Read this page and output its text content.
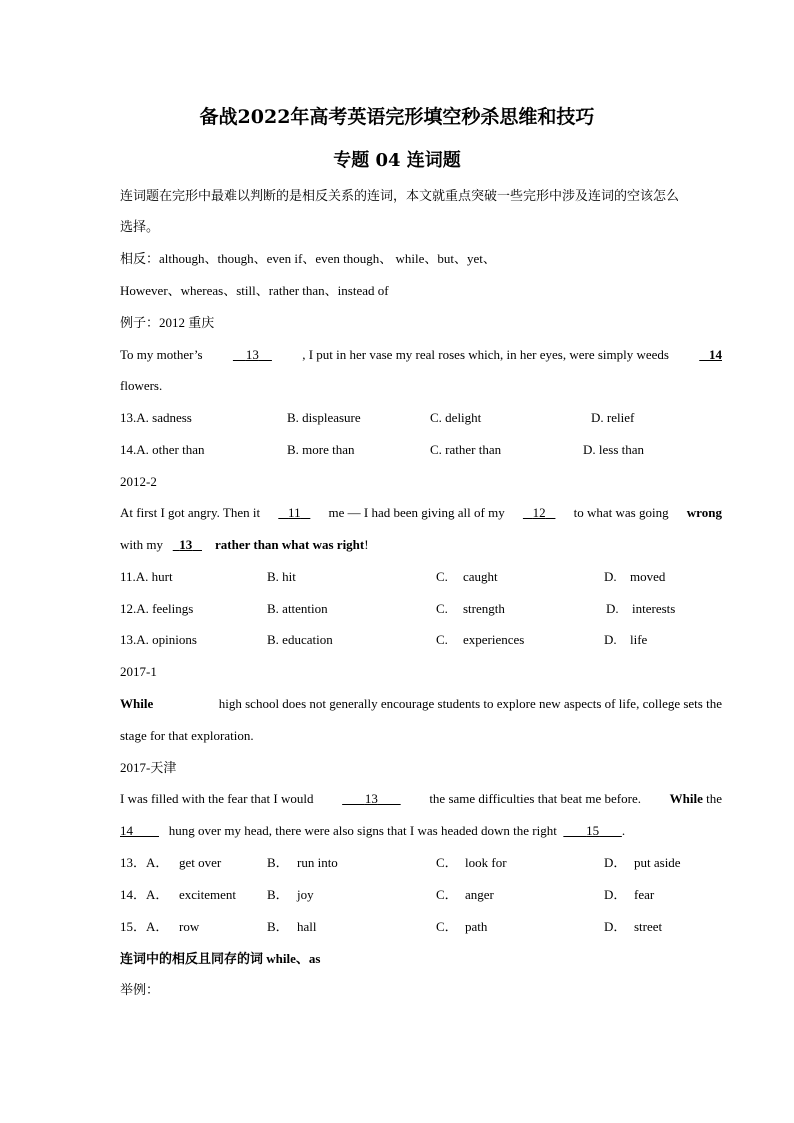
备战2022年高考英语完形填空秒杀思维和技巧
专题 04 连词题
连词题在完形中最难以判断的是相反关系的连词，本文就重点突破一些完形中涉及连词的空该怎么
选择。
相反：although、though、even if、even though、 while、but、yet、
However、whereas、still、rather than、instead of
例子：2012 重庆
To my mother’s	13	, I put in her vase my real roses which, in her eyes, were simply weeds	14
flowers.
13.A. sadness	B. displeasure	C. delight	D. relief
14.A. other than	B. more than	C. rather than	D. less than
2012-2
At first I got angry. Then it	11	me — I had been giving all of my	12	to what was going wrong
with my 13 rather than what was right!
11.A. hurt	B. hit	C. caught	D. moved
12.A. feelings	B. attention	C. strength	D. interests
13.A. opinions	B. education	C. experiences	D. life
2017-1
While	high school does not generally encourage students to explore new aspects of life, college sets the
stage for that exploration.
2017-天津
I was filled with the fear that I would	13	the same difficulties that beat me before. While the
14	hung over my head, there were also signs that I was headed down the right 15 .
13．A． get over	B． run into	C． look for	D． put aside
14．A． excitement B． joy	C． anger	D． fear
15．A． row	B． hall	C． path	D． street
连词中的相反且同存的词 while、as
举例：
